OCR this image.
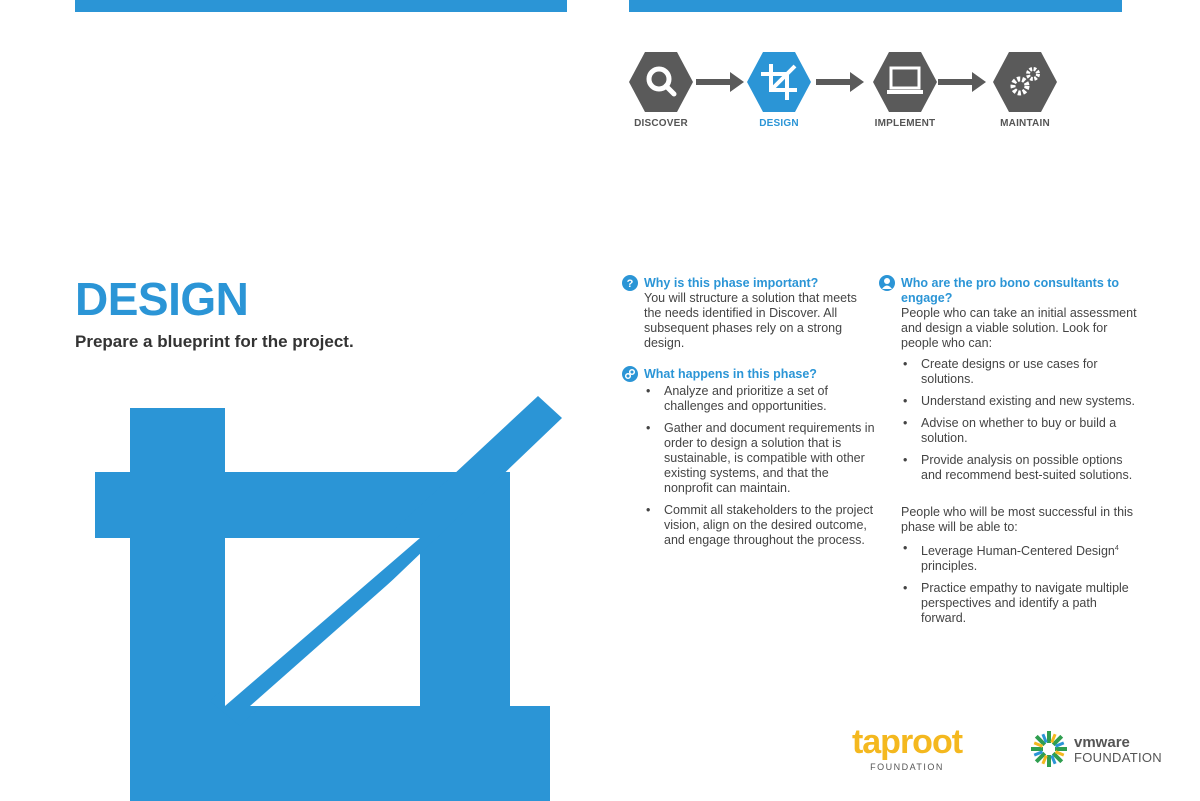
DISCOVER	DESIGN	IMPLEMENT	MAINTAIN
DESIGN

Prepare a blueprint for the project.

? Why is this phase important?
You will structure a solution that meets the needs identified in Discover. All subsequent phases rely on a strong design.
What happens in this phase?
• Analyze and prioritize a set of challenges and opportunities.
• Gather and document requirements in order to design a solution that is sustainable, is compatible with other existing systems, and that the nonprofit can maintain.
• Commit all stakeholders to the project vision, align on the desired outcome, and engage throughout the process.
Who are the pro bono consultants to engage?
People who can take an initial assessment and design a viable solution. Look for people who can:
• Create designs or use cases for solutions.
• Understand existing and new systems.
• Advise on whether to buy or build a solution.
• Provide analysis on possible options and recommend best-suited solutions.
People who will be most successful in this phase will be able to:
• Leverage Human-Centered Design$^4$ principles.
• Practice empathy to navigate multiple perspectives and identify a path forward.
taproot
FOUNDATION
vmware
FOUNDATION
